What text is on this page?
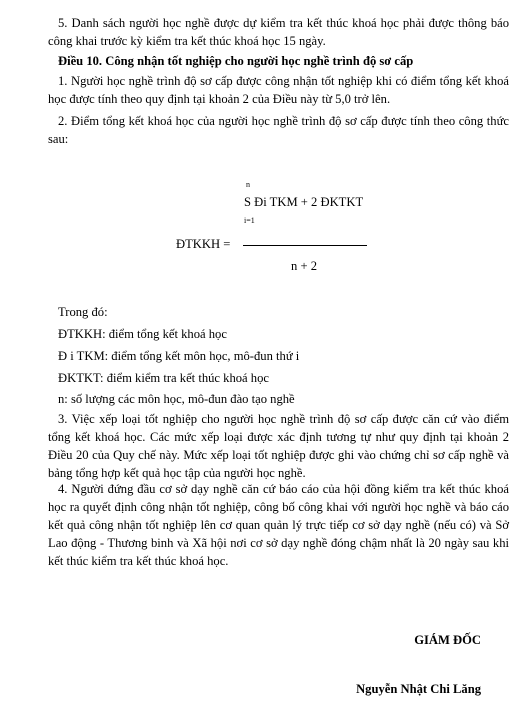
5. Danh sách người học nghề được dự kiểm tra kết thúc khoá học phải được thông báo công khai trước kỳ kiểm tra kết thúc khoá học 15 ngày.

Điều 10. Công nhận tốt nghiệp cho người học nghề trình độ sơ cấp

1. Người học nghề trình độ sơ cấp được công nhận tốt nghiệp khi có điểm tổng kết khoá học được tính theo quy định tại khoản 2 của Điều này từ 5,0 trở lên.

2. Điểm tổng kết khoá học của người học nghề trình độ sơ cấp được tính theo công thức sau:

n
S Đi TKM + 2 ĐKTKT
i=1
ĐTKKH =
n + 2

Trong đó:

ĐTKKH: điểm tổng kết khoá học

Đ i TKM: điểm tổng kết môn học, mô-đun thứ i

ĐKTKT: điểm kiểm tra kết thúc khoá học

n: số lượng các môn học, mô-đun đào tạo nghề

3. Việc xếp loại tốt nghiệp cho người học nghề trình độ sơ cấp được căn cứ vào điểm tổng kết khoá học. Các mức xếp loại được xác định tương tự như quy định tại khoản 2 Điều 20 của Quy chế này. Mức xếp loại tốt nghiệp được ghi vào chứng chỉ sơ cấp nghề và bảng tổng hợp kết quả học tập của người học nghề.

4. Người đứng đầu cơ sở dạy nghề căn cứ báo cáo của hội đồng kiểm tra kết thúc khoá học ra quyết định công nhận tốt nghiệp, công bố công khai với người học nghề và báo cáo kết quả công nhận tốt nghiệp lên cơ quan quản lý trực tiếp cơ sở dạy nghề (nếu có) và Sở Lao động - Thương binh và Xã hội nơi cơ sở dạy nghề đóng chậm nhất là 20 ngày sau khi kết thúc kiểm tra kết thúc khoá học.

GIÁM ĐỐC
Nguyễn Nhật Chi Lăng
